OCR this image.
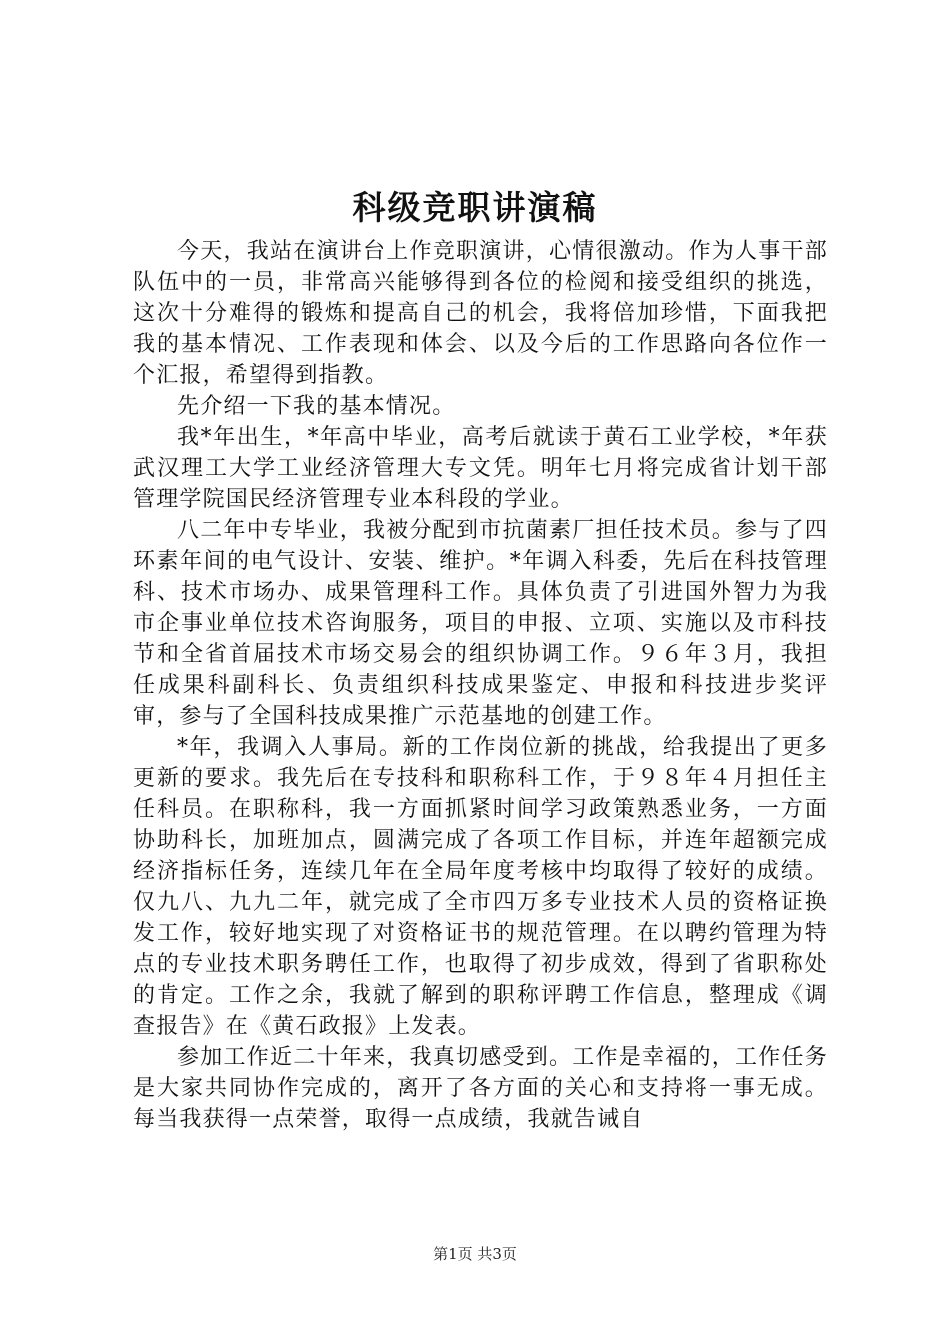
科级竞职讲演稿

今天，我站在演讲台上作竞职演讲，心情很激动。作为人事干部队伍中的一员，非常高兴能够得到各位的检阅和接受组织的挑选，这次十分难得的锻炼和提高自己的机会，我将倍加珍惜，下面我把我的基本情况、工作表现和体会、以及今后的工作思路向各位作一个汇报，希望得到指教。

先介绍一下我的基本情况。

我*年出生，*年高中毕业，高考后就读于黄石工业学校，*年获武汉理工大学工业经济管理大专文凭。明年七月将完成省计划干部管理学院国民经济管理专业本科段的学业。

八二年中专毕业，我被分配到市抗菌素厂担任技术员。参与了四环素年间的电气设计、安装、维护。*年调入科委，先后在科技管理科、技术市场办、成果管理科工作。具体负责了引进国外智力为我市企事业单位技术咨询服务，项目的申报、立项、实施以及市科技节和全省首届技术市场交易会的组织协调工作。９６年３月，我担任成果科副科长、负责组织科技成果鉴定、申报和科技进步奖评审，参与了全国科技成果推广示范基地的创建工作。

*年，我调入人事局。新的工作岗位新的挑战，给我提出了更多更新的要求。我先后在专技科和职称科工作，于９８年４月担任主任科员。在职称科，我一方面抓紧时间学习政策熟悉业务，一方面协助科长，加班加点，圆满完成了各项工作目标，并连年超额完成经济指标任务，连续几年在全局年度考核中均取得了较好的成绩。仅九八、九九二年，就完成了全市四万多专业技术人员的资格证换发工作，较好地实现了对资格证书的规范管理。在以聘约管理为特点的专业技术职务聘任工作，也取得了初步成效，得到了省职称处的肯定。工作之余，我就了解到的职称评聘工作信息，整理成《调查报告》在《黄石政报》上发表。

参加工作近二十年来，我真切感受到。工作是幸福的，工作任务是大家共同协作完成的，离开了各方面的关心和支持将一事无成。每当我获得一点荣誉，取得一点成绩，我就告诫自

第1页 共3页
